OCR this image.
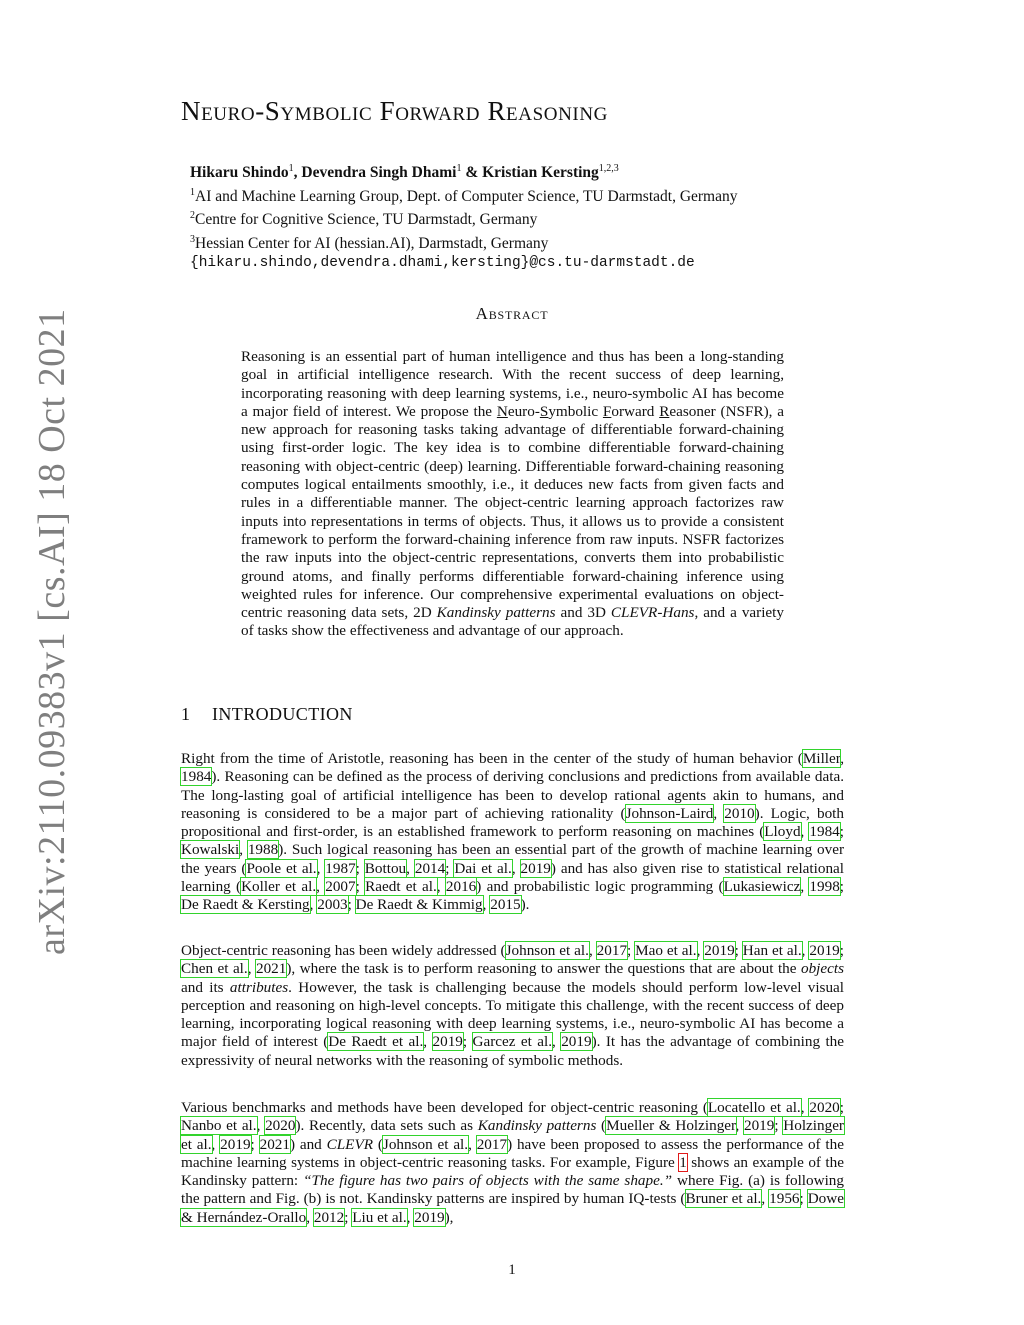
arXiv:2110.09383v1 [cs.AI] 18 Oct 2021
Neuro-Symbolic Forward Reasoning
Hikaru Shindo$^1$, Devendra Singh Dhami$^1$ & Kristian Kersting$^{1,2,3}$
$^1$AI and Machine Learning Group, Dept. of Computer Science, TU Darmstadt, Germany
$^2$Centre for Cognitive Science, TU Darmstadt, Germany
$^3$Hessian Center for AI (hessian.AI), Darmstadt, Germany
{hikaru.shindo,devendra.dhami,kersting}@cs.tu-darmstadt.de
Abstract

Reasoning is an essential part of human intelligence and thus has been a long-standing goal in artificial intelligence research. With the recent success of deep learning, incorporating reasoning with deep learning systems, i.e., neuro-symbolic AI has become a major field of interest. We propose the Neuro-Symbolic Forward Reasoner (NSFR), a new approach for reasoning tasks taking advantage of differentiable forward-chaining using first-order logic. The key idea is to combine differentiable forward-chaining reasoning with object-centric (deep) learning. Differentiable forward-chaining reasoning computes logical entailments smoothly, i.e., it deduces new facts from given facts and rules in a differentiable manner. The object-centric learning approach factorizes raw inputs into representations in terms of objects. Thus, it allows us to provide a consistent framework to perform the forward-chaining inference from raw inputs. NSFR factorizes the raw inputs into the object-centric representations, converts them into probabilistic ground atoms, and finally performs differentiable forward-chaining inference using weighted rules for inference. Our comprehensive experimental evaluations on object-centric reasoning data sets, 2D Kandinsky patterns and 3D CLEVR-Hans, and a variety of tasks show the effectiveness and advantage of our approach.

1 INTRODUCTION

Right from the time of Aristotle, reasoning has been in the center of the study of human behavior (Miller, 1984). Reasoning can be defined as the process of deriving conclusions and predictions from available data. The long-lasting goal of artificial intelligence has been to develop rational agents akin to humans, and reasoning is considered to be a major part of achieving rationality (Johnson-Laird, 2010). Logic, both propositional and first-order, is an established framework to perform reasoning on machines (Lloyd, 1984; Kowalski, 1988). Such logical reasoning has been an essential part of the growth of machine learning over the years (Poole et al., 1987; Bottou, 2014; Dai et al., 2019) and has also given rise to statistical relational learning (Koller et al., 2007; Raedt et al., 2016) and probabilistic logic programming (Lukasiewicz, 1998; De Raedt & Kersting, 2003; De Raedt & Kimmig, 2015).

Object-centric reasoning has been widely addressed (Johnson et al., 2017; Mao et al., 2019; Han et al., 2019; Chen et al., 2021), where the task is to perform reasoning to answer the questions that are about the objects and its attributes. However, the task is challenging because the models should perform low-level visual perception and reasoning on high-level concepts. To mitigate this challenge, with the recent success of deep learning, incorporating logical reasoning with deep learning systems, i.e., neuro-symbolic AI has become a major field of interest (De Raedt et al., 2019; Garcez et al., 2019). It has the advantage of combining the expressivity of neural networks with the reasoning of symbolic methods.

Various benchmarks and methods have been developed for object-centric reasoning (Locatello et al., 2020; Nanbo et al., 2020). Recently, data sets such as Kandinsky patterns (Mueller & Holzinger, 2019; Holzinger et al., 2019; 2021) and CLEVR (Johnson et al., 2017) have been proposed to assess the performance of the machine learning systems in object-centric reasoning tasks. For example, Figure 1 shows an example of the Kandinsky pattern: “The figure has two pairs of objects with the same shape.” where Fig. (a) is following the pattern and Fig. (b) is not. Kandinsky patterns are inspired by human IQ-tests (Bruner et al., 1956; Dowe & Hernández-Orallo, 2012; Liu et al., 2019),

1
